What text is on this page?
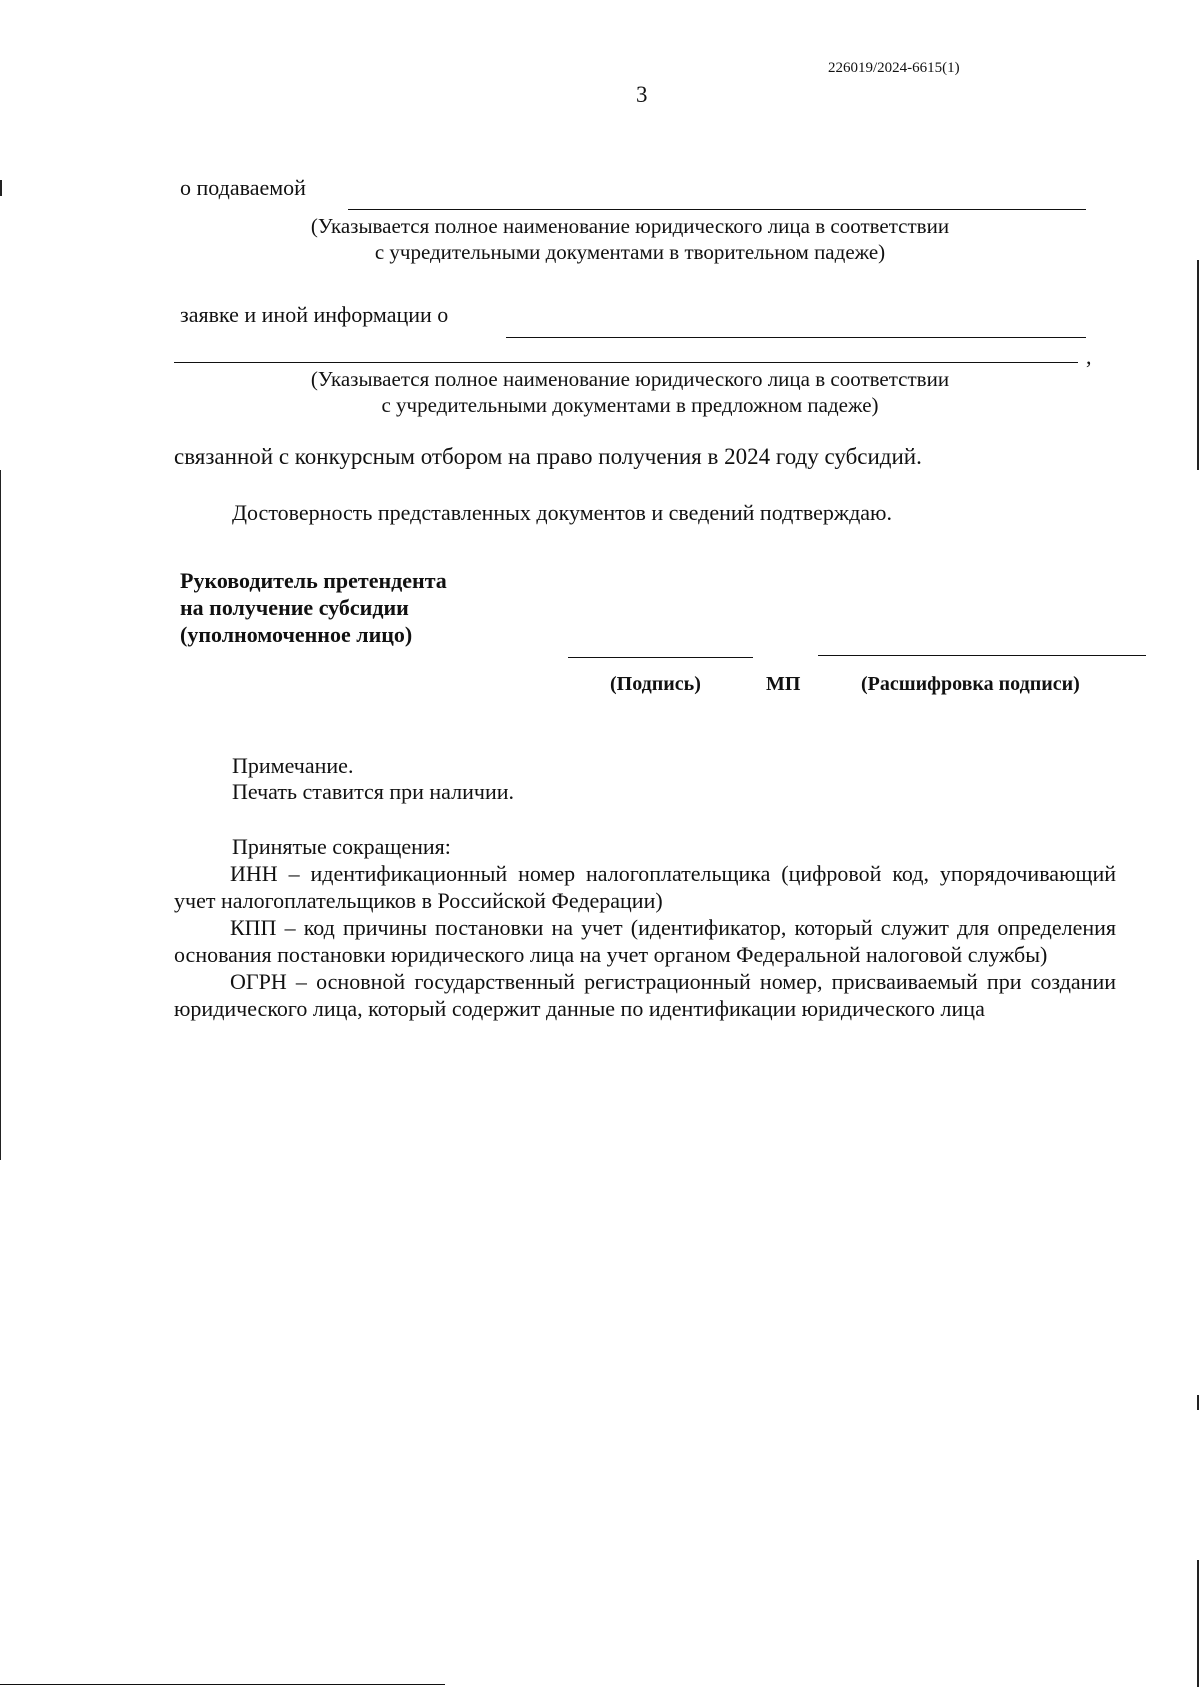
226019/2024-6615(1)
3
о подаваемой
(Указывается полное наименование юридического лица в соответствии
с учредительными документами в творительном падеже)
заявке и иной информации о
,
(Указывается полное наименование юридического лица в соответствии
с учредительными документами в предложном падеже)
связанной с конкурсным отбором на право получения в 2024 году субсидий.
Достоверность представленных документов и сведений подтверждаю.
Руководитель претендента
на получение субсидии
(уполномоченное лицо)
(Подпись)	МП	(Расшифровка подписи)
Примечание.
Печать ставится при наличии.
Принятые сокращения:

ИНН – идентификационный номер налогоплательщика (цифровой код, упорядочивающий учет налогоплательщиков в Российской Федерации)

КПП – код причины постановки на учет (идентификатор, который служит для определения основания постановки юридического лица на учет органом Федеральной налоговой службы)

ОГРН – основной государственный регистрационный номер, присваиваемый при создании юридического лица, который содержит данные по идентификации юридического лица
